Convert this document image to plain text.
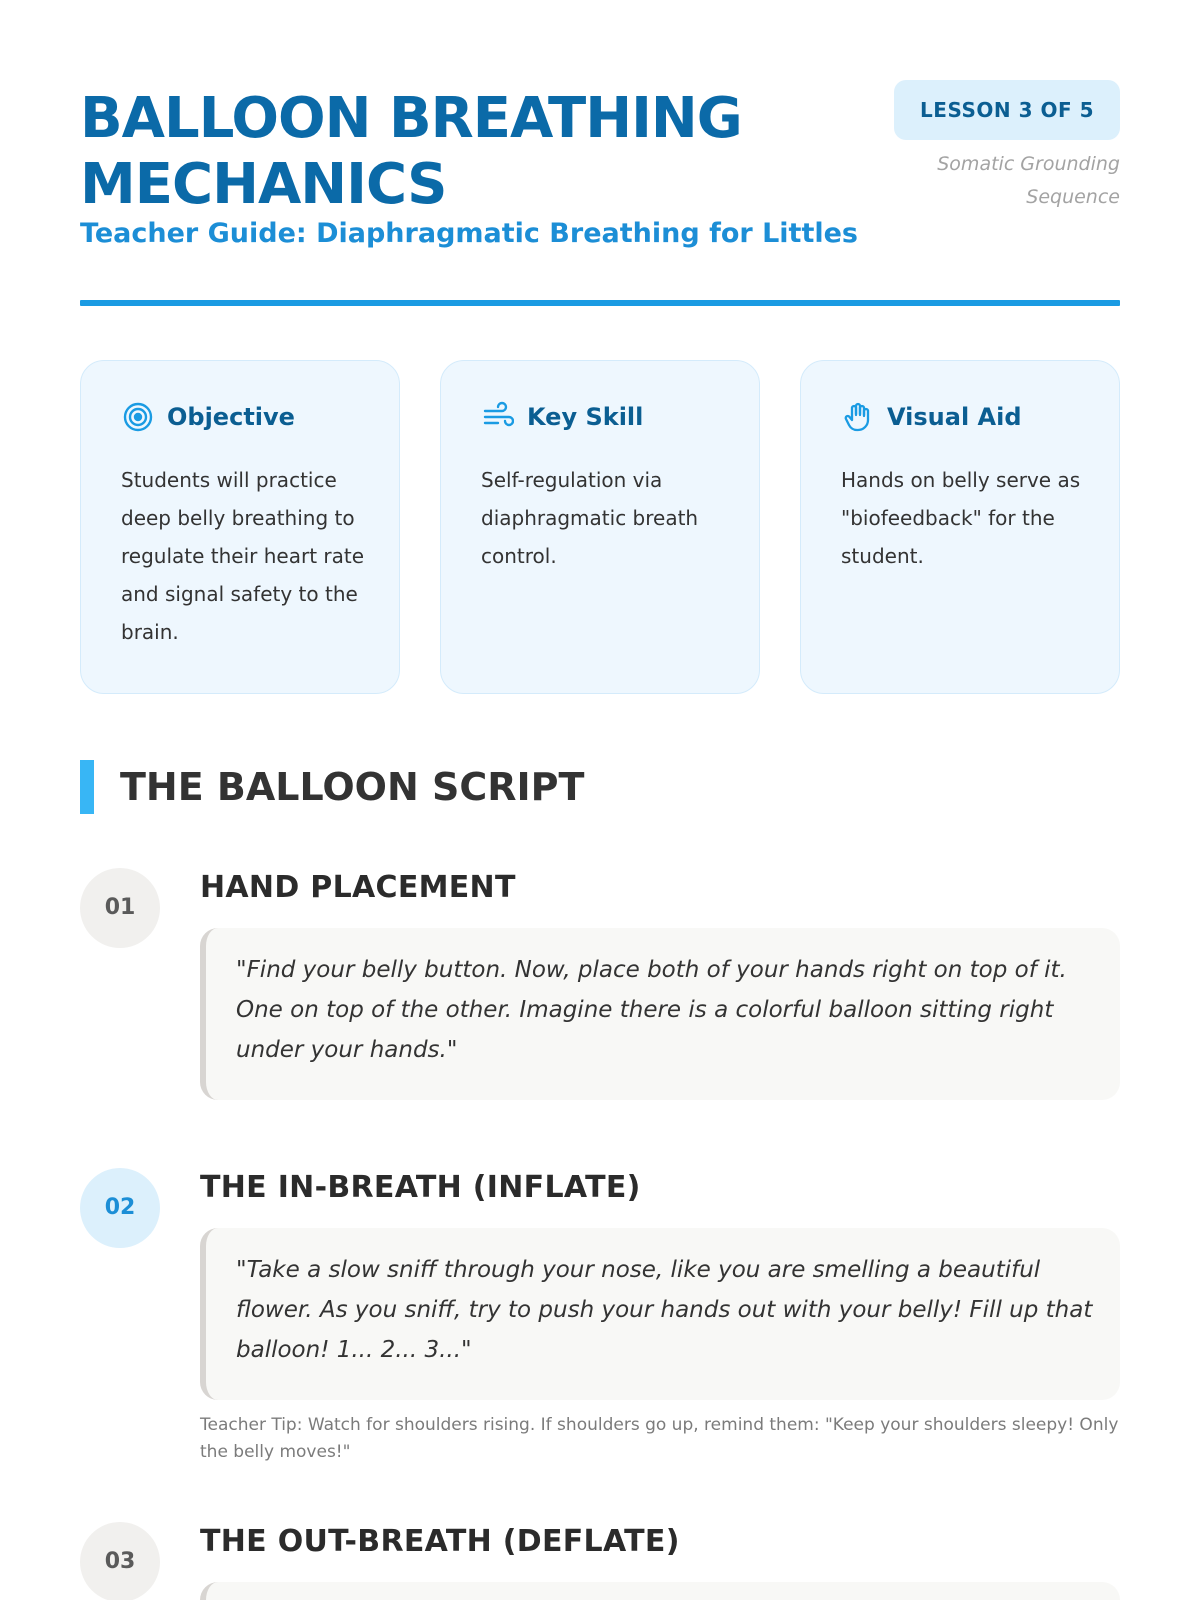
BALLOON BREATHING MECHANICS
Teacher Guide: Diaphragmatic Breathing for Littles
LESSON 3 OF 5
Somatic Grounding Sequence
Objective
Students will practice deep belly breathing to regulate their heart rate and signal safety to the brain.
Key Skill
Self-regulation via diaphragmatic breath control.
Visual Aid
Hands on belly serve as "biofeedback" for the student.
THE BALLOON SCRIPT
01
HAND PLACEMENT
"Find your belly button. Now, place both of your hands right on top of it. One on top of the other. Imagine there is a colorful balloon sitting right under your hands."
02
THE IN-BREATH (INFLATE)
"Take a slow sniff through your nose, like you are smelling a beautiful flower. As you sniff, try to push your hands out with your belly! Fill up that balloon! 1... 2... 3..."
Teacher Tip: Watch for shoulders rising. If shoulders go up, remind them: "Keep your shoulders sleepy! Only the belly moves!"
03
THE OUT-BREATH (DEFLATE)
